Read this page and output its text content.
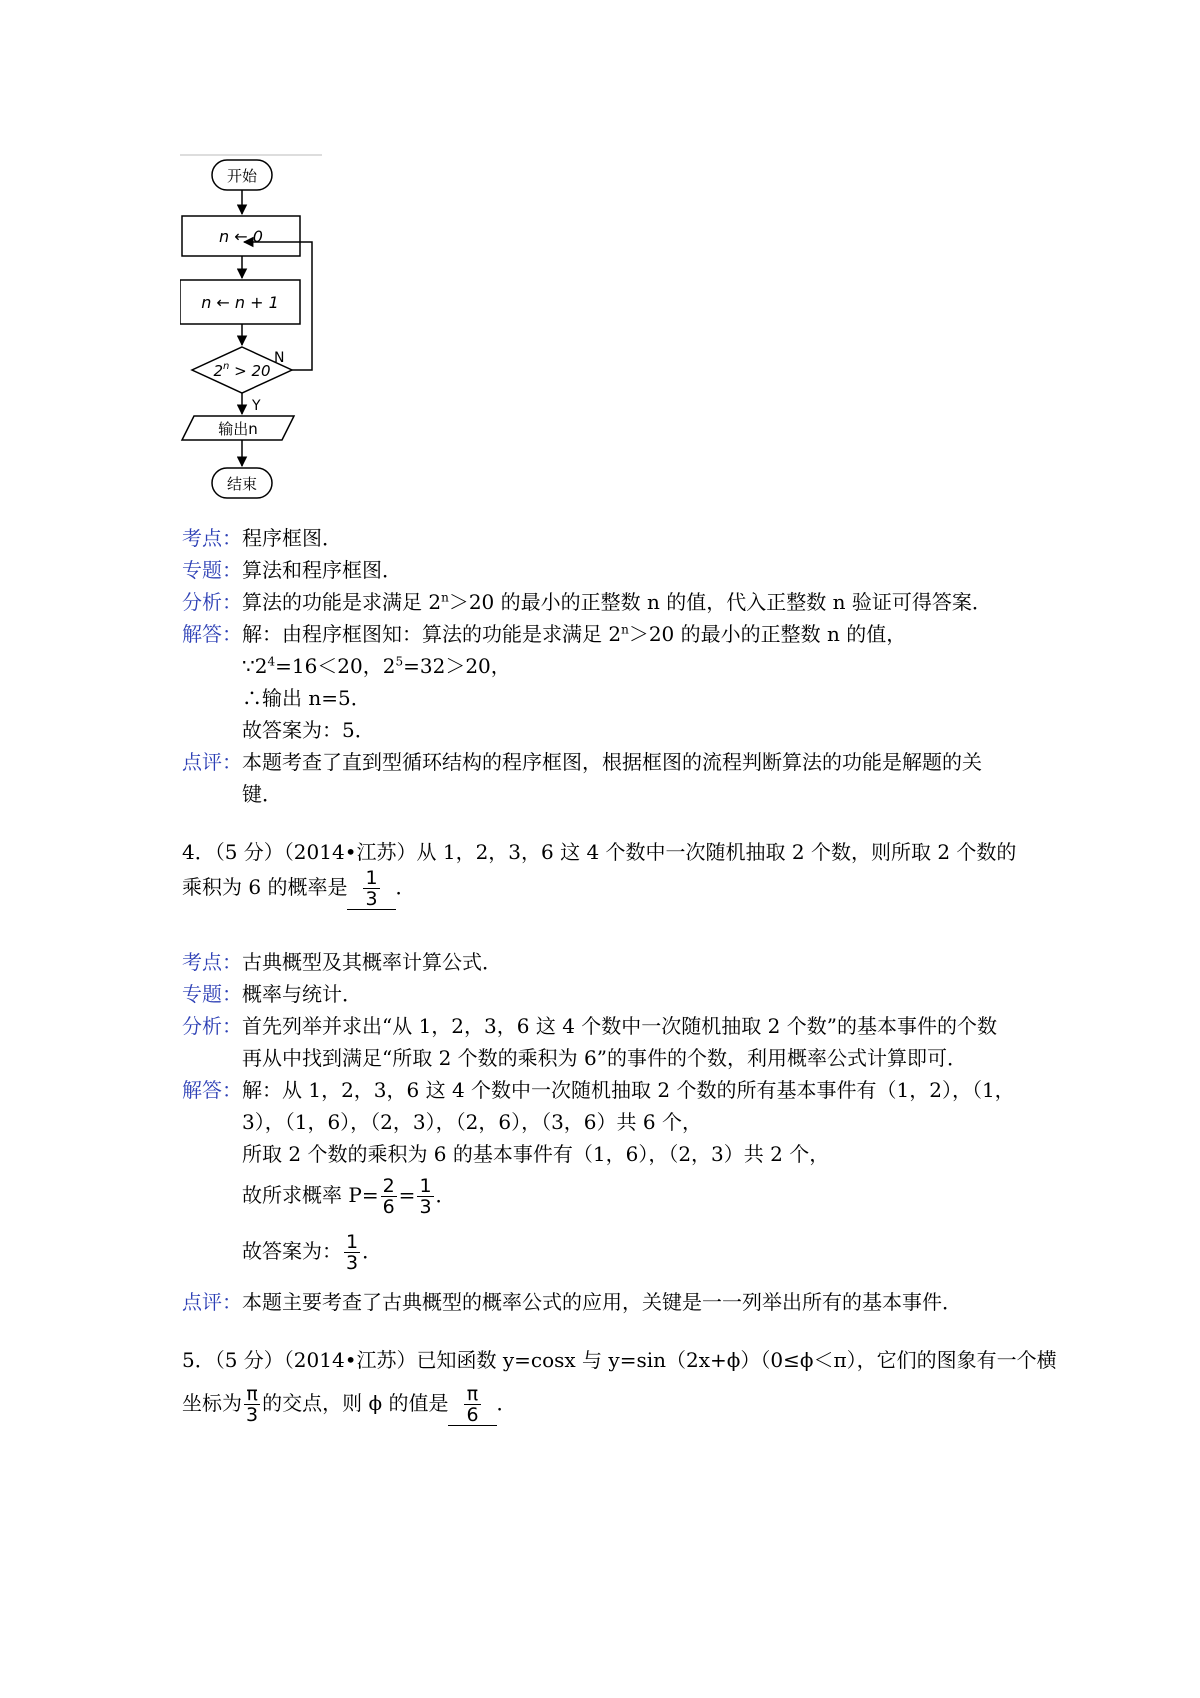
开始
n ← 0
n ← n + 1
$2^n > 20$
N
Y
输出n
结束
考点：程序框图．
专题：算法和程序框图．
分析：算法的功能是求满足 $2^n>20$ 的最小的正整数 n 的值，代入正整数 n 验证可得答案．
解答：解：由程序框图知：算法的功能是求满足 $2^n>20$ 的最小的正整数 n 的值，
$\because 2^4=16<20$，$2^5=32>20$，
∴输出 n=5．
故答案为：5．
点评：本题考查了直到型循环结构的程序框图，根据框图的流程判断算法的功能是解题的关
键．
4．（5 分）（2014•江苏）从 1，2，3，6 这 4 个数中一次随机抽取 2 个数，则所取 2 个数的
乘积为 6 的概率是 $\frac{1}{3}$ ．
考点：古典概型及其概率计算公式．
专题：概率与统计．
分析：首先列举并求出“从 1，2，3，6 这 4 个数中一次随机抽取 2 个数”的基本事件的个数
再从中找到满足“所取 2 个数的乘积为 6”的事件的个数，利用概率公式计算即可．
解答：解：从 1，2，3，6 这 4 个数中一次随机抽取 2 个数的所有基本事件有（1，2），（1，
3），（1，6），（2，3），（2，6），（3，6）共 6 个，
所取 2 个数的乘积为 6 的基本事件有（1，6），（2，3）共 2 个，
故所求概率 $P= \frac{2}{6} = \frac{1}{3}$ ．
故答案为： $\frac{1}{3}$ ．
点评：本题主要考查了古典概型的概率公式的应用，关键是一一列举出所有的基本事件．
5．（5 分）（2014•江苏）已知函数 y=cosx 与 y=sin（2x+ϕ）（0≤ϕ＜π），它们的图象有一个横
坐标为 $\frac{\pi}{3}$ 的交点，则 ϕ 的值是 $\frac{\pi}{6}$ ．
